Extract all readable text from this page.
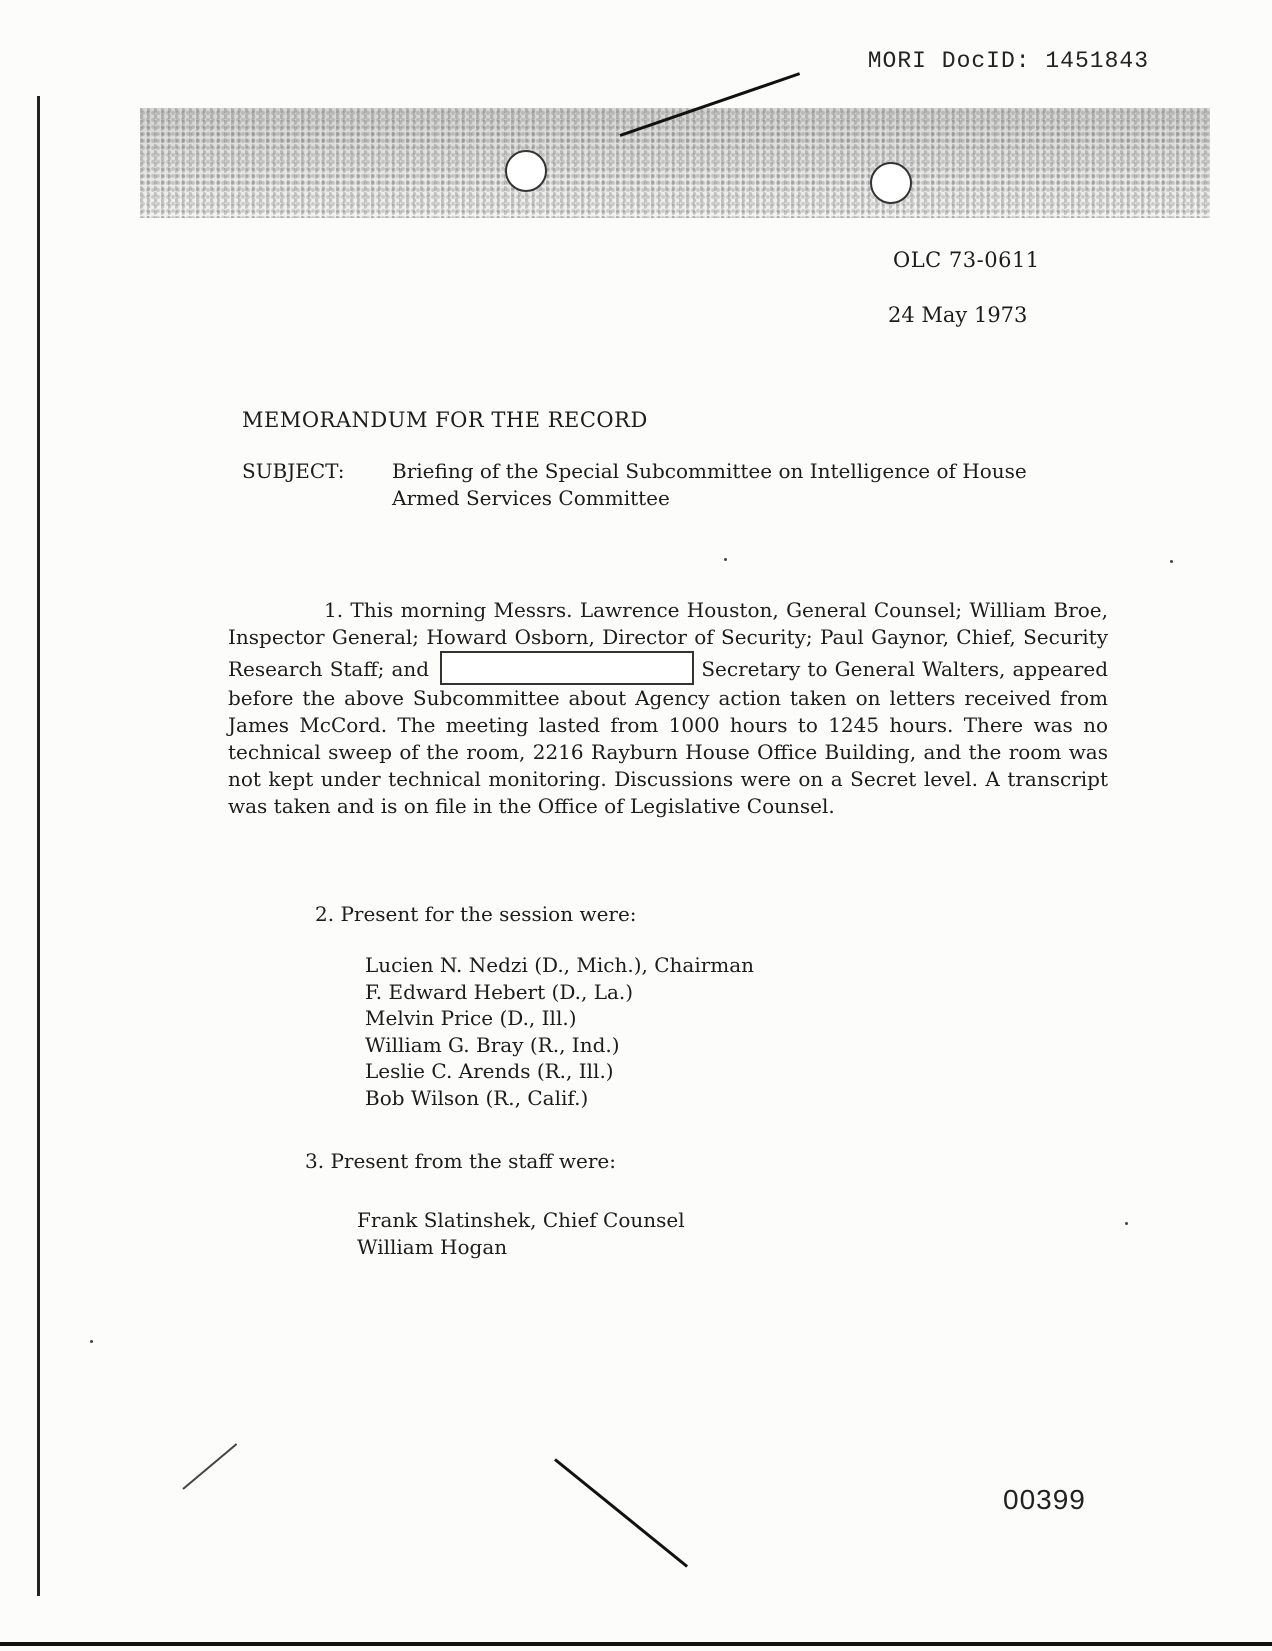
MORI DocID: 1451843
OLC 73-0611
24 May 1973
MEMORANDUM FOR THE RECORD
SUBJECT: Briefing of the Special Subcommittee on Intelligence of House Armed Services Committee
1. This morning Messrs. Lawrence Houston, General Counsel; William Broe, Inspector General; Howard Osborn, Director of Security; Paul Gaynor, Chief, Security Research Staff; and	Secretary to General Walters, appeared before the above Subcommittee about Agency action taken on letters received from James McCord. The meeting lasted from 1000 hours to 1245 hours. There was no technical sweep of the room, 2216 Rayburn House Office Building, and the room was not kept under technical monitoring. Discussions were on a Secret level. A transcript was taken and is on file in the Office of Legislative Counsel.
2. Present for the session were:
Lucien N. Nedzi (D., Mich.), Chairman
F. Edward Hebert (D., La.)
Melvin Price (D., Ill.)
William G. Bray (R., Ind.)
Leslie C. Arends (R., Ill.)
Bob Wilson (R., Calif.)
3. Present from the staff were:
Frank Slatinshek, Chief Counsel
William Hogan
00399
